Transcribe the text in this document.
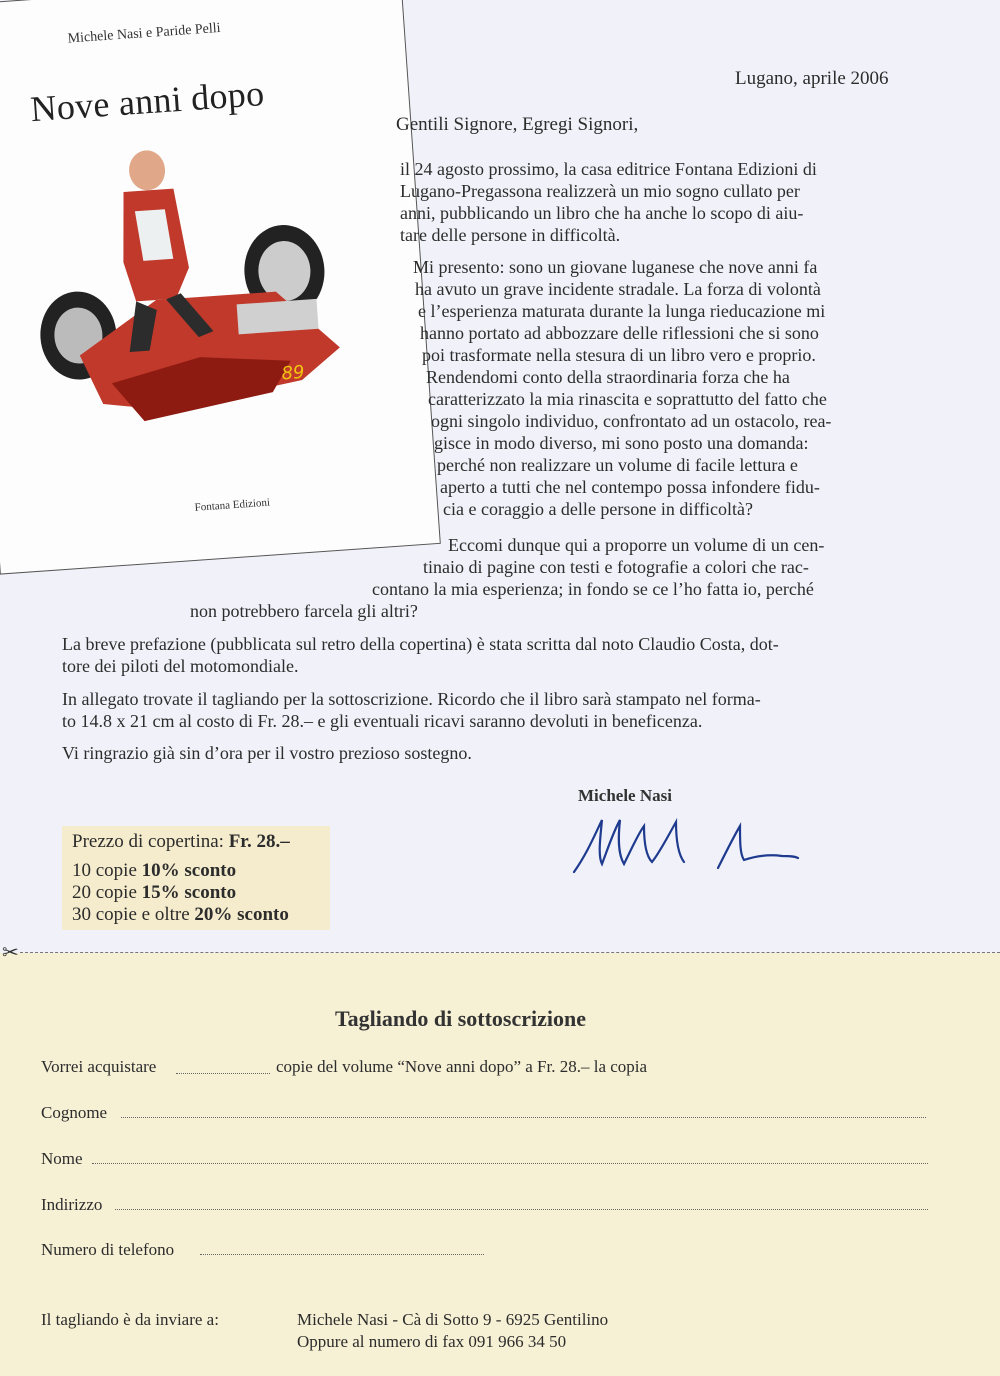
Michele Nasi e Paride Pelli
Nove anni dopo
89
Fontana Edizioni
Lugano, aprile 2006
Gentili Signore, Egregi Signori,
il 24 agosto prossimo, la casa editrice Fontana Edizioni di
Lugano-Pregassona realizzerà un mio sogno cullato per
anni, pubblicando un libro che ha anche lo scopo di aiu-
tare delle persone in difficoltà.
Mi presento: sono un giovane luganese che nove anni fa
ha avuto un grave incidente stradale. La forza di volontà
e l’esperienza maturata durante la lunga rieducazione mi
hanno portato ad abbozzare delle riflessioni che si sono
poi trasformate nella stesura di un libro vero e proprio.
Rendendomi conto della straordinaria forza che ha
caratterizzato la mia rinascita e soprattutto del fatto che
ogni singolo individuo, confrontato ad un ostacolo, rea-
gisce in modo diverso, mi sono posto una domanda:
perché non realizzare un volume di facile lettura e
aperto a tutti che nel contempo possa infondere fidu-
cia e coraggio a delle persone in difficoltà?
Eccomi dunque qui a proporre un volume di un cen-
tinaio di pagine con testi e fotografie a colori che rac-
contano la mia esperienza; in fondo se ce l’ho fatta io, perché
non potrebbero farcela gli altri?
La breve prefazione (pubblicata sul retro della copertina) è stata scritta dal noto Claudio Costa, dot-
tore dei piloti del motomondiale.
In allegato trovate il tagliando per la sottoscrizione. Ricordo che il libro sarà stampato nel forma-
to 14.8 x 21 cm al costo di Fr. 28.– e gli eventuali ricavi saranno devoluti in beneficenza.
Vi ringrazio già sin d’ora per il vostro prezioso sostegno.
Michele Nasi
Prezzo di copertina: Fr. 28.–
10 copie 10% sconto
20 copie 15% sconto
30 copie e oltre 20% sconto
✂
Tagliando di sottoscrizione
Vorrei acquistare	copie del volume “Nove anni dopo” a Fr. 28.– la copia
Cognome
Nome
Indirizzo
Numero di telefono
Il tagliando è da inviare a:	Michele Nasi - Cà di Sotto 9 - 6925 Gentilino
Oppure al numero di fax 091 966 34 50
